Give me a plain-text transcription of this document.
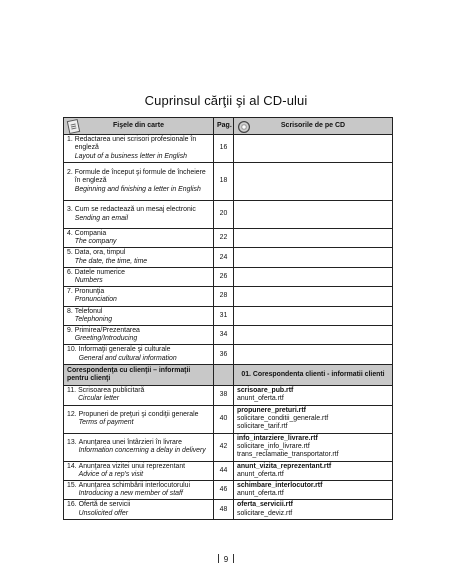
Cuprinsul cărţii şi al CD-ului
Fişele din carte	Pag.	Scrisorile de pe CD

1. Redactarea unei scrisori profesionale în engleză
Layout of a business letter in English	16	

2. Formule de început şi formule de încheiere în engleză
Beginning and finishing a letter in English	18	

3. Cum se redactează un mesaj electronic
Sending an email	20	

4. Compania
The company	22	

5. Data, ora, timpul
The date, the time, time	24	

6. Datele numerice
Numbers	26	

7. Pronunţia
Pronunciation	28	

8. Telefonul
Telephoning	31	

9. Primirea/Prezentarea
Greeting/Introducing	34	

10. Informaţii generale şi culturale
General and cultural information	36	
Corespondenţa cu clienţii – informaţii pentru clienţi		01. Corespondenta clienti - informatii clienti

11. Scrisoarea publicitară
Circular letter	38	scrisoare_pub.rtf
anunt_oferta.rtf

12. Propuneri de preţuri şi condiţii generale
Terms of payment	40	propunere_preturi.rtf
solicitare_conditii_generale.rtf
solicitare_tarif.rtf

13. Anunţarea unei întârzieri în livrare
Information concerning a delay in delivery	42	info_intarziere_livrare.rtf
solicitare_info_livrare.rtf
trans_reclamatie_transportator.rtf

14. Anunţarea vizitei unui reprezentant
Advice of a rep's visit	44	anunt_vizita_reprezentant.rtf
anunt_oferta.rtf

15. Anunţarea schimbării interlocutorului
Introducing a new member of staff	46	schimbare_interlocutor.rtf
anunt_oferta.rtf

16. Ofertă de servicii
Unsolicited offer	48	oferta_servicii.rtf
solicitare_deviz.rtf
9
